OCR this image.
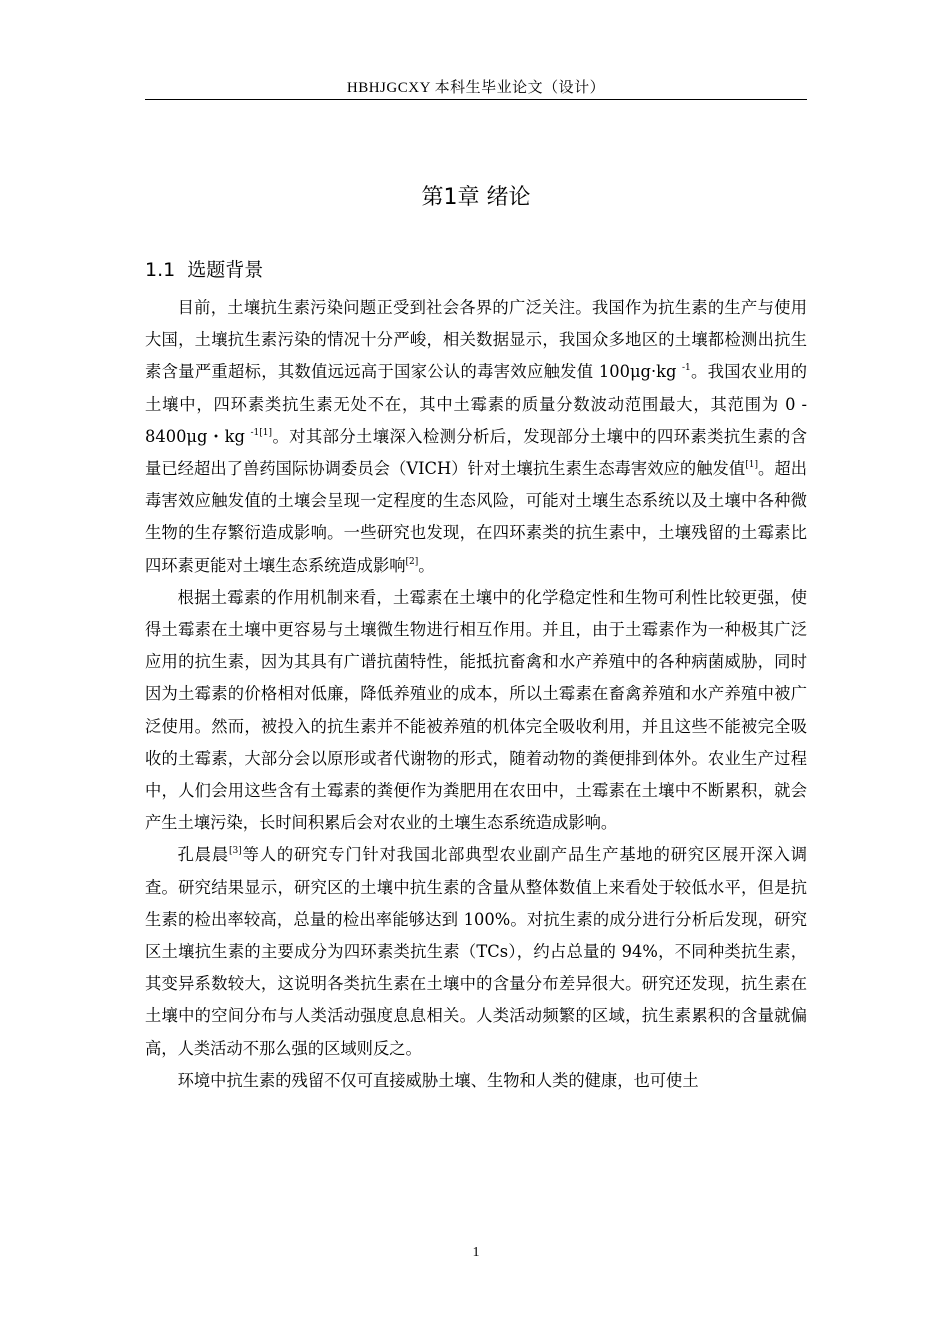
HBHJGCXY 本科生毕业论文（设计）
第1章 绪论
1.1 选题背景

目前，土壤抗生素污染问题正受到社会各界的广泛关注。我国作为抗生素的生产与使用大国，土壤抗生素污染的情况十分严峻，相关数据显示，我国众多地区的土壤都检测出抗生素含量严重超标，其数值远远高于国家公认的毒害效应触发值 100μg·kg $^{-1}$。我国农业用的土壤中，四环素类抗生素无处不在，其中土霉素的质量分数波动范围最大，其范围为 0 - 8400μg・kg $^{-1[1]}$。对其部分土壤深入检测分析后，发现部分土壤中的四环素类抗生素的含量已经超出了兽药国际协调委员会（VICH）针对土壤抗生素生态毒害效应的触发值[1]。超出毒害效应触发值的土壤会呈现一定程度的生态风险，可能对土壤生态系统以及土壤中各种微生物的生存繁衍造成影响。一些研究也发现，在四环素类的抗生素中，土壤残留的土霉素比四环素更能对土壤生态系统造成影响[2]。

根据土霉素的作用机制来看，土霉素在土壤中的化学稳定性和生物可利性比较更强，使得土霉素在土壤中更容易与土壤微生物进行相互作用。并且，由于土霉素作为一种极其广泛应用的抗生素，因为其具有广谱抗菌特性，能抵抗畜禽和水产养殖中的各种病菌威胁，同时因为土霉素的价格相对低廉，降低养殖业的成本，所以土霉素在畜禽养殖和水产养殖中被广泛使用。然而，被投入的抗生素并不能被养殖的机体完全吸收利用，并且这些不能被完全吸收的土霉素，大部分会以原形或者代谢物的形式，随着动物的粪便排到体外。农业生产过程中，人们会用这些含有土霉素的粪便作为粪肥用在农田中，土霉素在土壤中不断累积，就会产生土壤污染，长时间积累后会对农业的土壤生态系统造成影响。

孔晨晨[3]等人的研究专门针对我国北部典型农业副产品生产基地的研究区展开深入调查。研究结果显示，研究区的土壤中抗生素的含量从整体数值上来看处于较低水平，但是抗生素的检出率较高，总量的检出率能够达到 100%。对抗生素的成分进行分析后发现，研究区土壤抗生素的主要成分为四环素类抗生素（TCs），约占总量的 94%，不同种类抗生素，其变异系数较大，这说明各类抗生素在土壤中的含量分布差异很大。研究还发现，抗生素在土壤中的空间分布与人类活动强度息息相关。人类活动频繁的区域，抗生素累积的含量就偏高，人类活动不那么强的区域则反之。

环境中抗生素的残留不仅可直接威胁土壤、生物和人类的健康，也可使土

1
